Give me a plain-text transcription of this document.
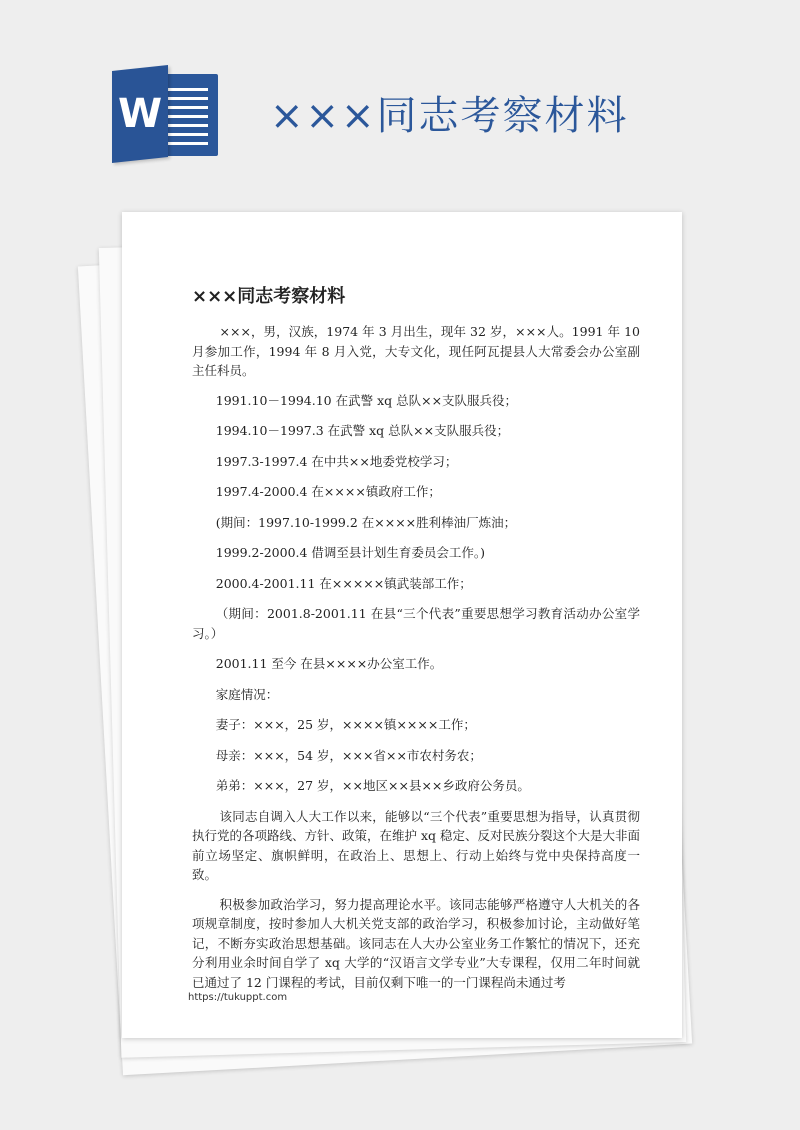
W	×××同志考察材料
×××同志考察材料

×××，男，汉族，1974 年 3 月出生，现年 32 岁，×××人。1991 年 10 月参加工作，1994 年 8 月入党，大专文化，现任阿瓦提县人大常委会办公室副主任科员。

1991.10－1994.10 在武警 xq 总队××支队服兵役；

1994.10－1997.3 在武警 xq 总队××支队服兵役；

1997.3-1997.4 在中共××地委党校学习；

1997.4-2000.4 在××××镇政府工作；

(期间：1997.10-1999.2 在××××胜利棒油厂炼油；

1999.2-2000.4 借调至县计划生育委员会工作。)

2000.4-2001.11 在×××××镇武装部工作；

（期间：2001.8-2001.11 在县“三个代表”重要思想学习教育活动办公室学习。）

2001.11 至今 在县××××办公室工作。

家庭情况：

妻子：×××，25 岁，××××镇××××工作；

母亲：×××，54 岁，×××省××市农村务农；

弟弟：×××，27 岁，××地区××县××乡政府公务员。

该同志自调入人大工作以来，能够以“三个代表”重要思想为指导，认真贯彻执行党的各项路线、方针、政策，在维护 xq 稳定、反对民族分裂这个大是大非面前立场坚定、旗帜鲜明，在政治上、思想上、行动上始终与党中央保持高度一致。

积极参加政治学习，努力提高理论水平。该同志能够严格遵守人大机关的各项规章制度，按时参加人大机关党支部的政治学习，积极参加讨论，主动做好笔记，不断夯实政治思想基础。该同志在人大办公室业务工作繁忙的情况下，还充分利用业余时间自学了 xq 大学的“汉语言文学专业”大专课程，仅用二年时间就已通过了 12 门课程的考试，目前仅剩下唯一的一门课程尚未通过考

https://tukuppt.com
